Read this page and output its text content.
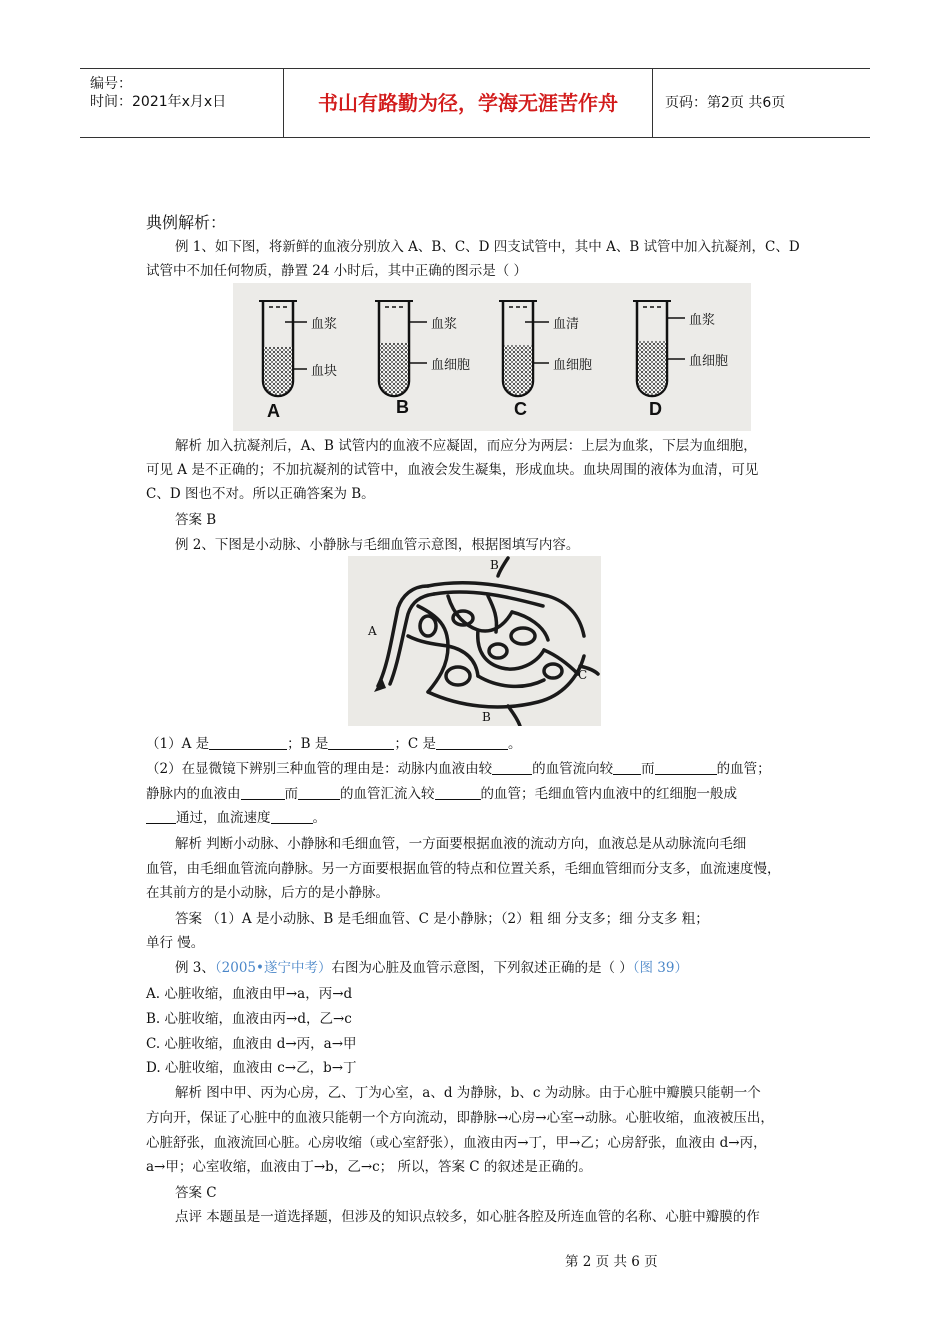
编号：
时间：2021年x月x日	书山有路勤为径，学海无涯苦作舟	页码：第2页 共6页
典例解析：
例 1、如下图，将新鲜的血液分别放入 A、B、C、D 四支试管中，其中 A、B 试管中加入抗凝剂，C、D
试管中不加任何物质，静置 24 小时后，其中正确的图示是（ ）
血浆
血块
血浆
血细胞
血清
血细胞
血浆
血细胞
A	B	C	D
解析 加入抗凝剂后，A、B 试管内的血液不应凝固，而应分为两层：上层为血浆，下层为血细胞，
可见 A 是不正确的；不加抗凝剂的试管中，血液会发生凝集，形成血块。血块周围的液体为血清，可见
C、D 图也不对。所以正确答案为 B。
答案 B
例 2、下图是小动脉、小静脉与毛细血管示意图，根据图填写内容。
A
B
B
C
（1）A 是	；B 是	；C 是	。
（2）在显微镜下辨别三种血管的理由是：动脉内血液由较	的血管流向较 而	的血管；
静脉内的血液由	而	的血管汇流入较	的血管；毛细血管内血液中的红细胞一般成
通过，血流速度	。
解析 判断小动脉、小静脉和毛细血管，一方面要根据血液的流动方向，血液总是从动脉流向毛细
血管，由毛细血管流向静脉。另一方面要根据血管的特点和位置关系，毛细血管细而分支多，血流速度慢，
在其前方的是小动脉，后方的是小静脉。
答案 （1）A 是小动脉、B 是毛细血管、C 是小静脉；（2）粗 细 分支多；细 分支多 粗；
单行 慢。
例 3、（2005•遂宁中考）右图为心脏及血管示意图，下列叙述正确的是（ ）（图 39）
A. 心脏收缩，血液由甲→a，丙→d
B. 心脏收缩，血液由丙→d，乙→c
C. 心脏收缩，血液由 d→丙，a→甲
D. 心脏收缩，血液由 c→乙，b→丁
解析 图中甲、丙为心房，乙、丁为心室，a、d 为静脉，b、c 为动脉。由于心脏中瓣膜只能朝一个
方向开，保证了心脏中的血液只能朝一个方向流动，即静脉→心房→心室→动脉。心脏收缩，血液被压出，
心脏舒张，血液流回心脏。心房收缩（或心室舒张），血液由丙→丁，甲→乙；心房舒张，血液由 d→丙，
a→甲；心室收缩，血液由丁→b，乙→c； 所以，答案 C 的叙述是正确的。
答案 C
点评 本题虽是一道选择题，但涉及的知识点较多，如心脏各腔及所连血管的名称、心脏中瓣膜的作
第 2 页 共 6 页
